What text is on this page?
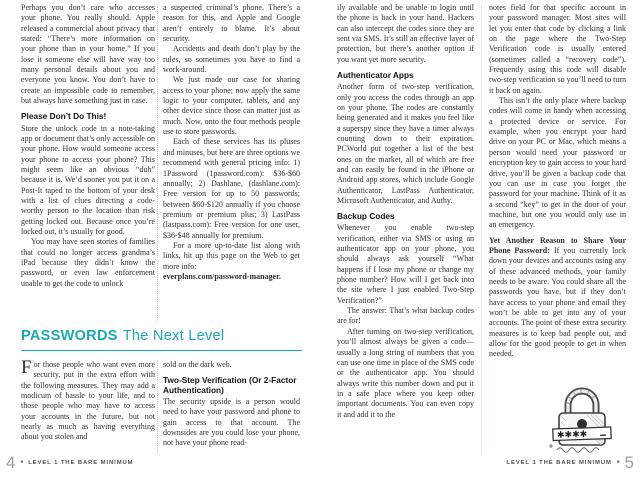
Perhaps you don’t care who accesses your phone. You really should. Apple released a commercial about privacy that stated: “There’s more information on your phone than in your home.” If you lose it someone else will have way too many personal details about you and everyone you know. You don’t have to create an impossible code to remember, but always have something just in case.

Please Don’t Do This!

Store the unlock code in a note-taking app or document that’s only accessible on your phone. How would someone access your phone to access your phone? This might seem like an obvious “duh” because it is. We’d sooner you put it on a Post-It taped to the bottom of your desk with a list of clues directing a code-worthy person to the location than risk getting locked out. Because once you’re locked out, it’s usually for good.

You may have seen stories of families that could no longer access grandma’s iPad because they didn’t know the password, or even law enforcement unable to get the code to unlock

a suspected criminal’s phone. There’s a reason for this, and Apple and Google aren’t entirely to blame. It’s about security.

Accidents and death don’t play by the rules, so sometimes you have to find a work-around.

We just made our case for sharing access to your phone; now apply the same logic to your computer, tablets, and any other device since those can matter just as much. Now, onto the four methods people use to store passwords.

Each of these services has its pluses and minuses, but here are three options we recommend with general pricing info: 1) 1Password (1password.com): $36-$60 annually; 2) Dashlane, (dashlane.com): Free version for up to 50 passwords; between $60-$120 annually if you choose premium or premium plus; 3) LastPass (lastpass.com): Free version for one user, $36-$48 annually for premium.

For a more up-to-date list along with links, hit up this page on the Web to get more info:

everplans.com/password-manager.

PASSWORDS The Next Level

For those people who want even more security, put in the extra effort with the following measures. They may add a modicum of hassle to your life, and to those people who may have to access your accounts in the future, but not nearly as much as having everything about you stolen and

sold on the dark web.

Two-Step Verification (Or 2-Factor Authentication)

The security upside is a person would need to have your password and phone to gain access to that account. The downsides are you could lose your phone, not have your phone read-

4 ■ LEVEL 1 THE BARE MINIMUM

ily available and be unable to login until the phone is back in your hand. Hackers can also intercept the codes since they are sent via SMS. It’s still an effective layer of protection, but there’s another option if you want yet more security.

Authenticator Apps

Another form of two-step verification, only you access the codes through an app on your phone. The codes are constantly being generated and it makes you feel like a superspy since they have a timer always counting down to their expiration. PCWorld put together a list of the best ones on the market, all of which are free and can easily be found in the iPhone or Android app stores, which include Google Authenticator, LastPass Authenticator, Microsoft Authenticator, and Authy.

Backup Codes

Whenever you enable two-step verification, either via SMS or using an authenticator app on your phone, you should always ask yourself “What happens if I lose my phone or change my phone number? How will I get back into the site where I just enabled Two-Step Verification?”

The answer: That’s what backup codes are for!

After turning on two-step verification, you’ll almost always be given a code—usually a long string of numbers that you can use one time in place of the SMS code or the authenticator app. You should always write this number down and put it in a safe place where you keep other important documents. You can even copy it and add it to the

notes field for that specific account in your password manager. Most sites will let you enter that code by clicking a link on the page where the Two-Step Verification code is usually entered (sometimes called a “recovery code”). Frequently using this code will disable two-step verification so you’ll need to turn it back on again.

This isn’t the only place where backup codes will come in handy when accessing a protected device or service. For example, when you encrypt your hard drive on your PC or Mac, which means a person would need your password or encryption key to gain access to your hard drive, you’ll be given a backup code that you can use in case you forget the password for your machine. Think of it as a second “key” to get in the door of your machine, but one you would only use in an emergency.

Yet Another Reason to Share Your Phone Password: If you currently lock down your devices and accounts using any of these advanced methods, your family needs to be aware. You could share all the passwords you have, but if they don’t have access to your phone and email they won’t be able to get into any of your accounts. The point of these extra security measures is to keep bad people out, and allow for the good people to get in when needed.

✱✱✱✱
LEVEL 1 THE BARE MINIMUM ■ 5
